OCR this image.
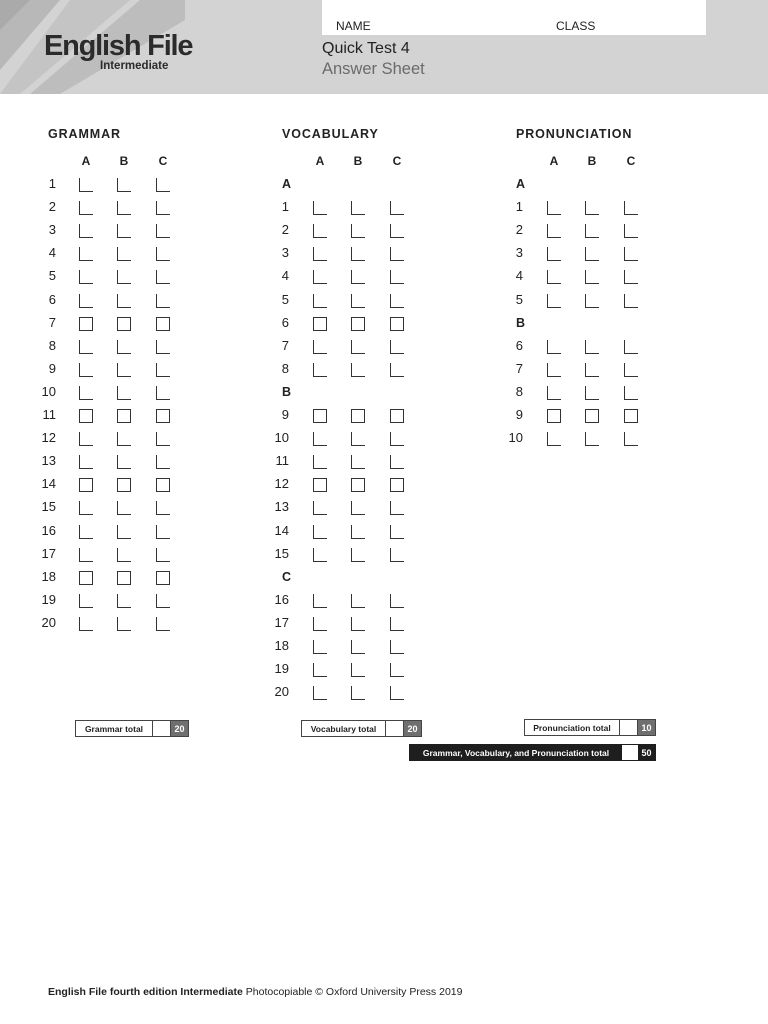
English File
Intermediate
NAME	CLASS
Quick Test 4
Answer Sheet
GRAMMAR
A	B	C
1
2
3
4
5
6
7
8
9
10
11
12
13
14
15
16
17
18
19
20
Grammar total	20
VOCABULARY
A	B	C
A
1
2
3
4
5
6
7
8
B
9
10
11
12
13
14
15
C
16
17
18
19
20
Vocabulary total	20
PRONUNCIATION
A	B	C
A
1
2
3
4
5
B
6
7
8
9
10
Pronunciation total	10
Grammar, Vocabulary, and Pronunciation total	50
English File fourth edition Intermediate Photocopiable © Oxford University Press 2019
